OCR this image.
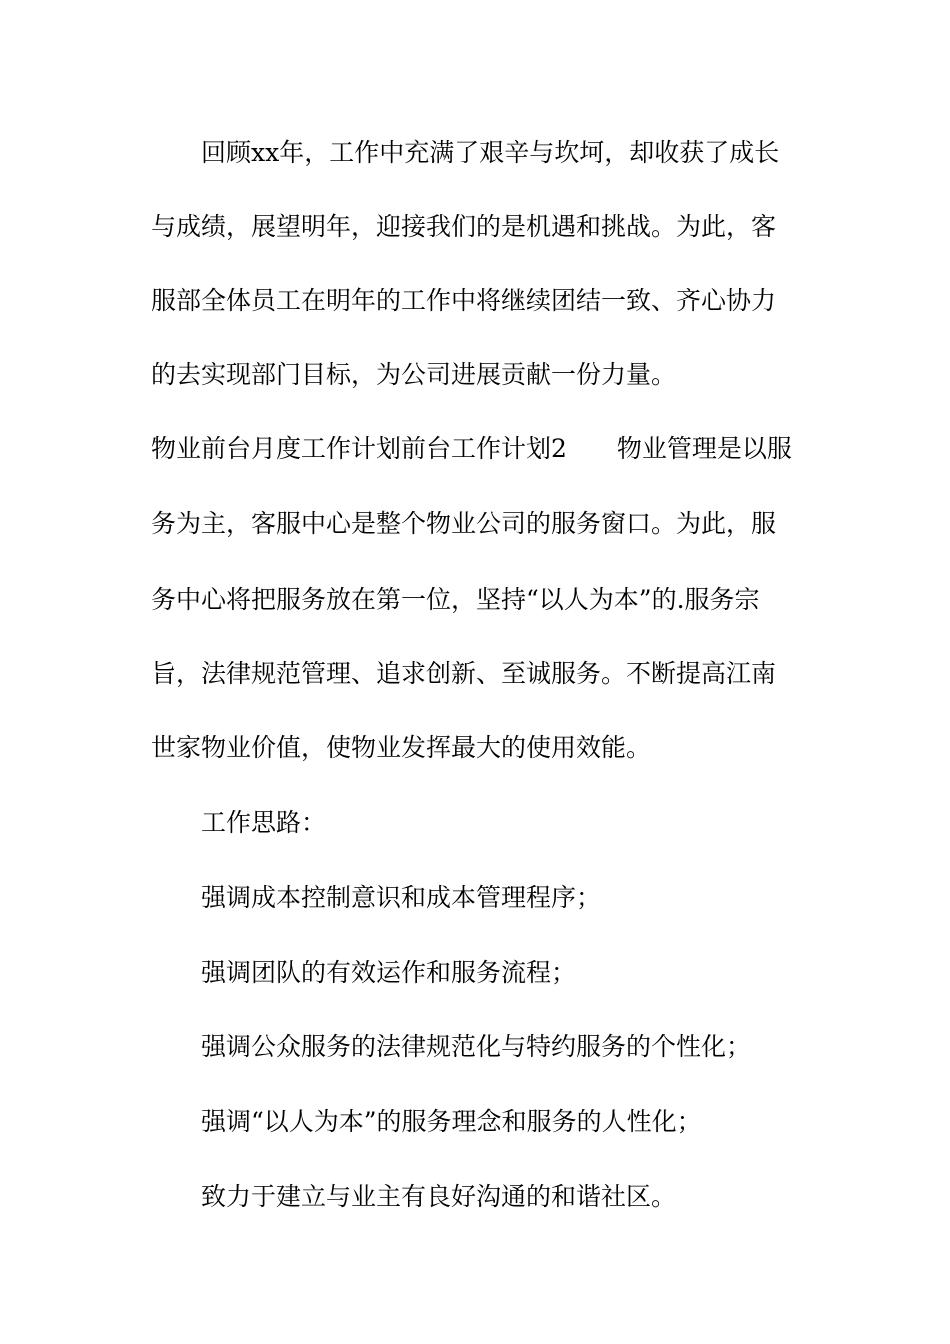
回顾xx年，工作中充满了艰辛与坎坷，却收获了成长
与成绩，展望明年，迎接我们的是机遇和挑战。为此，客
服部全体员工在明年的工作中将继续团结一致、齐心协力
的去实现部门目标，为公司进展贡献一份力量。
物业前台月度工作计划前台工作计划2　　物业管理是以服
务为主，客服中心是整个物业公司的服务窗口。为此，服
务中心将把服务放在第一位，坚持“以人为本”的.服务宗
旨，法律规范管理、追求创新、至诚服务。不断提高江南
世家物业价值，使物业发挥最大的使用效能。
工作思路：
强调成本控制意识和成本管理程序；
强调团队的有效运作和服务流程；
强调公众服务的法律规范化与特约服务的个性化；
强调“以人为本”的服务理念和服务的人性化；
致力于建立与业主有良好沟通的和谐社区。
